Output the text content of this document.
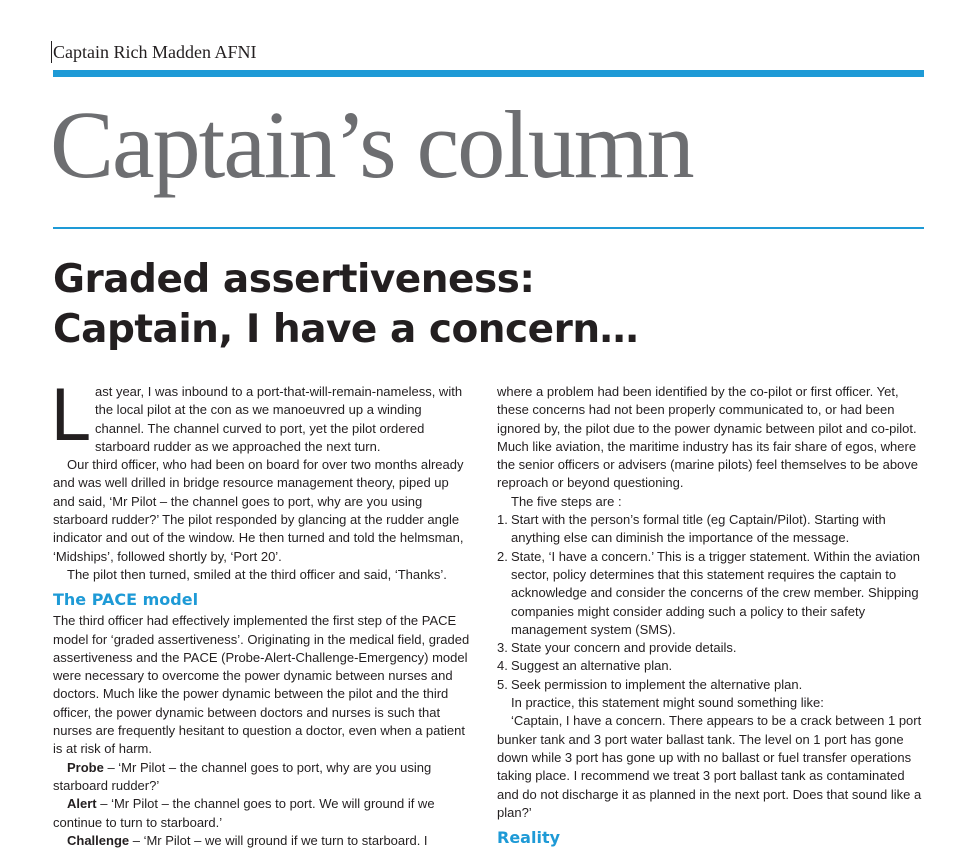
Captain Rich Madden AFNI
Captain’s column
Graded assertiveness:
Captain, I have a concern…

Last year, I was inbound to a port-that-will-remain-nameless, with the local pilot at the con as we manoeuvred up a winding channel. The channel curved to port, yet the pilot ordered starboard rudder as we approached the next turn.

Our third officer, who had been on board for over two months already and was well drilled in bridge resource management theory, piped up and said, ‘Mr Pilot – the channel goes to port, why are you using starboard rudder?’ The pilot responded by glancing at the rudder angle indicator and out of the window. He then turned and told the helmsman, ‘Midships’, followed shortly by, ‘Port 20’.

The pilot then turned, smiled at the third officer and said, ‘Thanks’.

The PACE model

The third officer had effectively implemented the first step of the PACE model for ‘graded assertiveness’. Originating in the medical field, graded assertiveness and the PACE (Probe-Alert-Challenge-Emergency) model were necessary to overcome the power dynamic between nurses and doctors. Much like the power dynamic between the pilot and the third officer, the power dynamic between doctors and nurses is such that nurses are frequently hesitant to question a doctor, even when a patient is at risk of harm.

Probe – ‘Mr Pilot – the channel goes to port, why are you using starboard rudder?’

Alert – ‘Mr Pilot – the channel goes to port. We will ground if we continue to turn to starboard.’

Challenge – ‘Mr Pilot – we will ground if we turn to starboard. I

where a problem had been identified by the co-pilot or first officer. Yet, these concerns had not been properly communicated to, or had been ignored by, the pilot due to the power dynamic between pilot and co-pilot. Much like aviation, the maritime industry has its fair share of egos, where the senior officers or advisers (marine pilots) feel themselves to be above reproach or beyond questioning.

The five steps are :

1. Start with the person’s formal title (eg Captain/Pilot). Starting with anything else can diminish the importance of the message.
2. State, ‘I have a concern.’ This is a trigger statement. Within the aviation sector, policy determines that this statement requires the captain to acknowledge and consider the concerns of the crew member. Shipping companies might consider adding such a policy to their safety management system (SMS).
3. State your concern and provide details.
4. Suggest an alternative plan.
5. Seek permission to implement the alternative plan.

In practice, this statement might sound something like:

‘Captain, I have a concern. There appears to be a crack between 1 port bunker tank and 3 port water ballast tank. The level on 1 port has gone down while 3 port has gone up with no ballast or fuel transfer operations taking place. I recommend we treat 3 port ballast tank as contaminated and do not discharge it as planned in the next port. Does that sound like a plan?’

Reality
